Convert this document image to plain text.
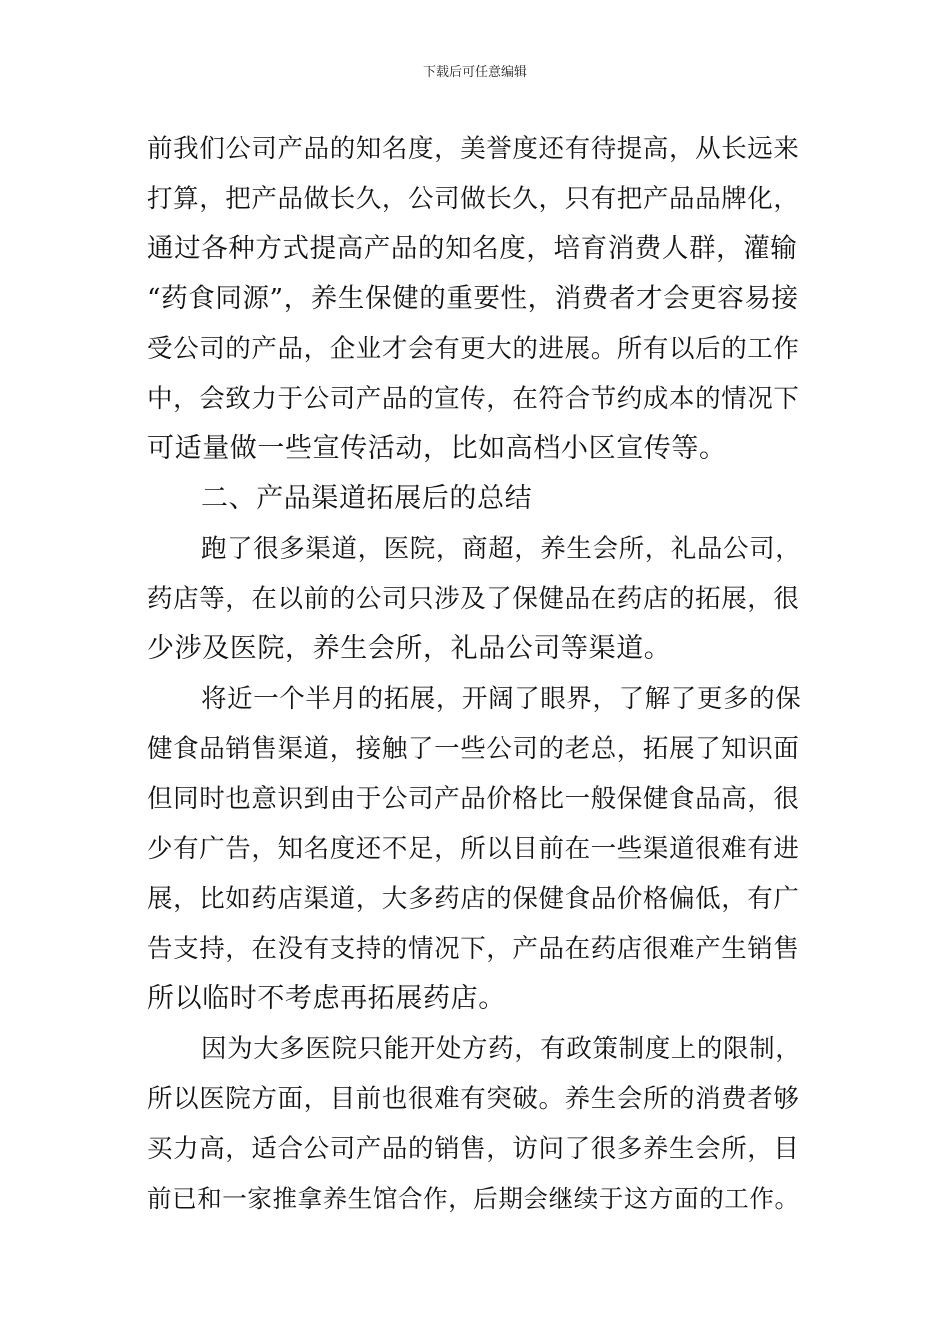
下载后可任意编辑
前我们公司产品的知名度，美誉度还有待提高，从长远来
打算，把产品做长久，公司做长久，只有把产品品牌化，
通过各种方式提高产品的知名度，培育消费人群，灌输
“药食同源”，养生保健的重要性，消费者才会更容易接
受公司的产品，企业才会有更大的进展。所有以后的工作
中，会致力于公司产品的宣传，在符合节约成本的情况下
可适量做一些宣传活动，比如高档小区宣传等。
二、产品渠道拓展后的总结
跑了很多渠道，医院，商超，养生会所，礼品公司，
药店等，在以前的公司只涉及了保健品在药店的拓展，很
少涉及医院，养生会所，礼品公司等渠道。
将近一个半月的拓展，开阔了眼界，了解了更多的保
健食品销售渠道，接触了一些公司的老总，拓展了知识面
但同时也意识到由于公司产品价格比一般保健食品高，很
少有广告，知名度还不足，所以目前在一些渠道很难有进
展，比如药店渠道，大多药店的保健食品价格偏低，有广
告支持，在没有支持的情况下，产品在药店很难产生销售
所以临时不考虑再拓展药店。
因为大多医院只能开处方药，有政策制度上的限制，
所以医院方面，目前也很难有突破。养生会所的消费者够
买力高，适合公司产品的销售，访问了很多养生会所，目
前已和一家推拿养生馆合作，后期会继续于这方面的工作。
